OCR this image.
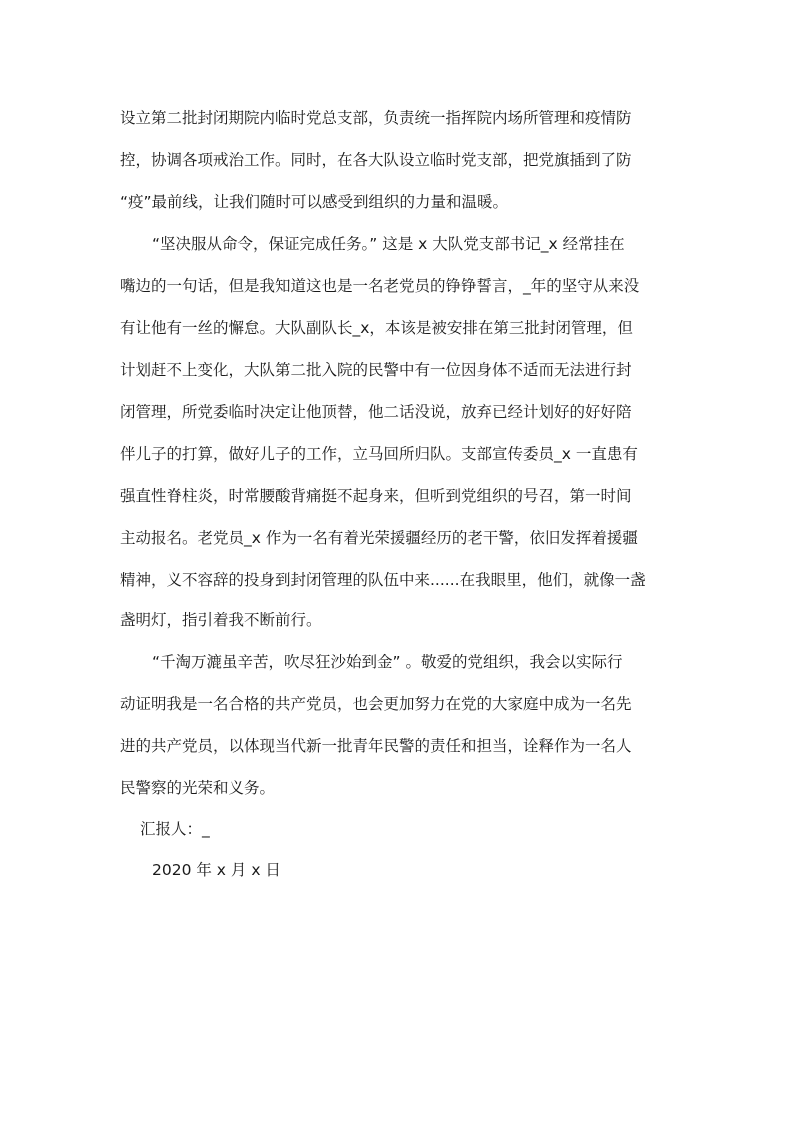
设立第二批封闭期院内临时党总支部，负责统一指挥院内场所管理和疫情防
控，协调各项戒治工作。同时，在各大队设立临时党支部，把党旗插到了防
“疫”最前线，让我们随时可以感受到组织的力量和温暖。
“坚决服从命令，保证完成任务。” 这是 x 大队党支部书记_x 经常挂在
嘴边的一句话，但是我知道这也是一名老党员的铮铮誓言，_年的坚守从来没
有让他有一丝的懈怠。大队副队长_x，本该是被安排在第三批封闭管理，但
计划赶不上变化，大队第二批入院的民警中有一位因身体不适而无法进行封
闭管理，所党委临时决定让他顶替，他二话没说，放弃已经计划好的好好陪
伴儿子的打算，做好儿子的工作，立马回所归队。支部宣传委员_x 一直患有
强直性脊柱炎，时常腰酸背痛挺不起身来，但听到党组织的号召，第一时间
主动报名。老党员_x 作为一名有着光荣援疆经历的老干警，依旧发挥着援疆
精神，义不容辞的投身到封闭管理的队伍中来......在我眼里，他们，就像一盏
盏明灯，指引着我不断前行。
“千淘万漉虽辛苦，吹尽狂沙始到金” 。敬爱的党组织，我会以实际行
动证明我是一名合格的共产党员，也会更加努力在党的大家庭中成为一名先
进的共产党员，以体现当代新一批青年民警的责任和担当，诠释作为一名人
民警察的光荣和义务。
汇报人：_
2020 年 x 月 x 日
